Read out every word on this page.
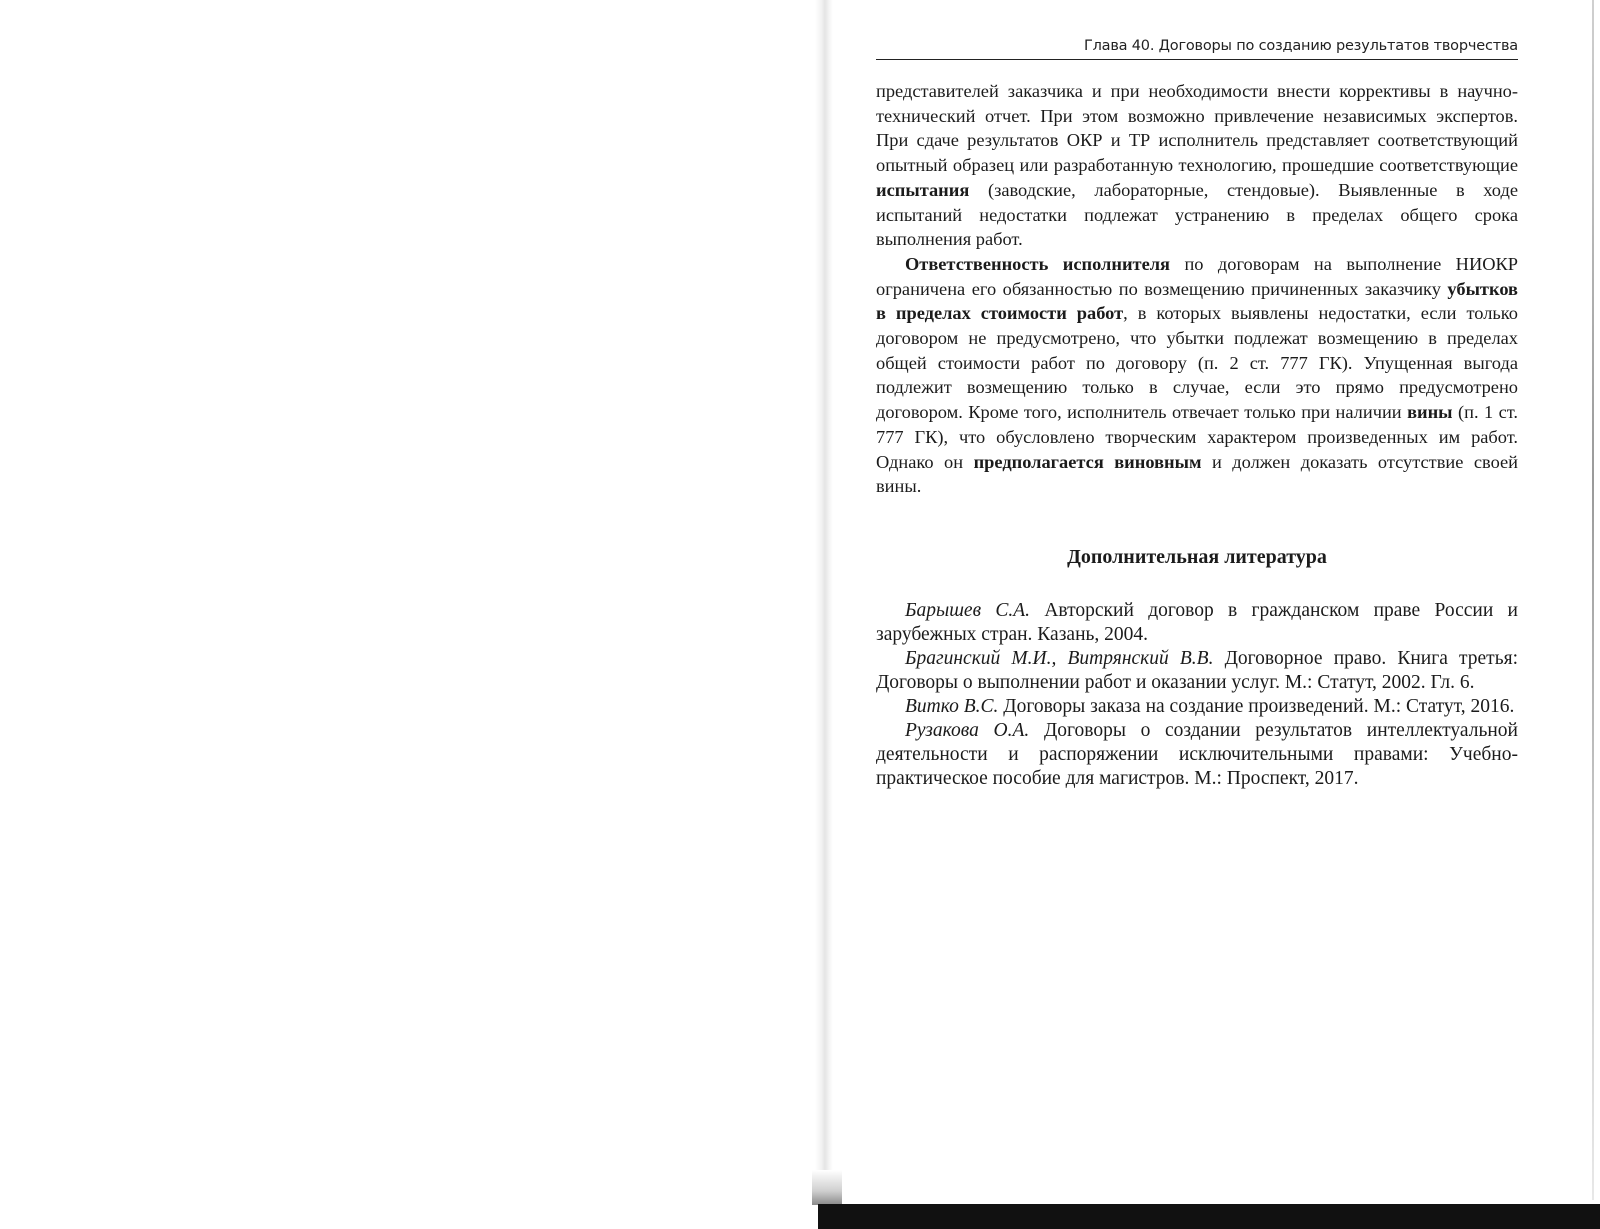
Глава 40. Договоры по созданию результатов творчества

представителей заказчика и при необходимости внести коррективы в научно-технический отчет. При этом возможно привлечение независимых экспертов. При сдаче результатов ОКР и ТР исполнитель представляет соответствующий опытный образец или разработанную технологию, прошедшие соответствующие испытания (заводские, лабораторные, стендовые). Выявленные в ходе испытаний недостатки подлежат устранению в пределах общего срока выполнения работ.

Ответственность исполнителя по договорам на выполнение НИОКР ограничена его обязанностью по возмещению причиненных заказчику убытков в пределах стоимости работ, в которых выявлены недостатки, если только договором не предусмотрено, что убытки подлежат возмещению в пределах общей стоимости работ по договору (п. 2 ст. 777 ГК). Упущенная выгода подлежит возмещению только в случае, если это прямо предусмотрено договором. Кроме того, исполнитель отвечает только при наличии вины (п. 1 ст. 777 ГК), что обусловлено творческим характером произведенных им работ. Однако он предполагается виновным и должен доказать отсутствие своей вины.

Дополнительная литература

Барышев С.А. Авторский договор в гражданском праве России и зарубежных стран. Казань, 2004.

Брагинский М.И., Витрянский В.В. Договорное право. Книга третья: Договоры о выполнении работ и оказании услуг. М.: Статут, 2002. Гл. 6.

Витко В.С. Договоры заказа на создание произведений. М.: Статут, 2016.

Рузакова О.А. Договоры о создании результатов интеллектуальной деятельности и распоряжении исключительными правами: Учебно-практическое пособие для магистров. М.: Проспект, 2017.
